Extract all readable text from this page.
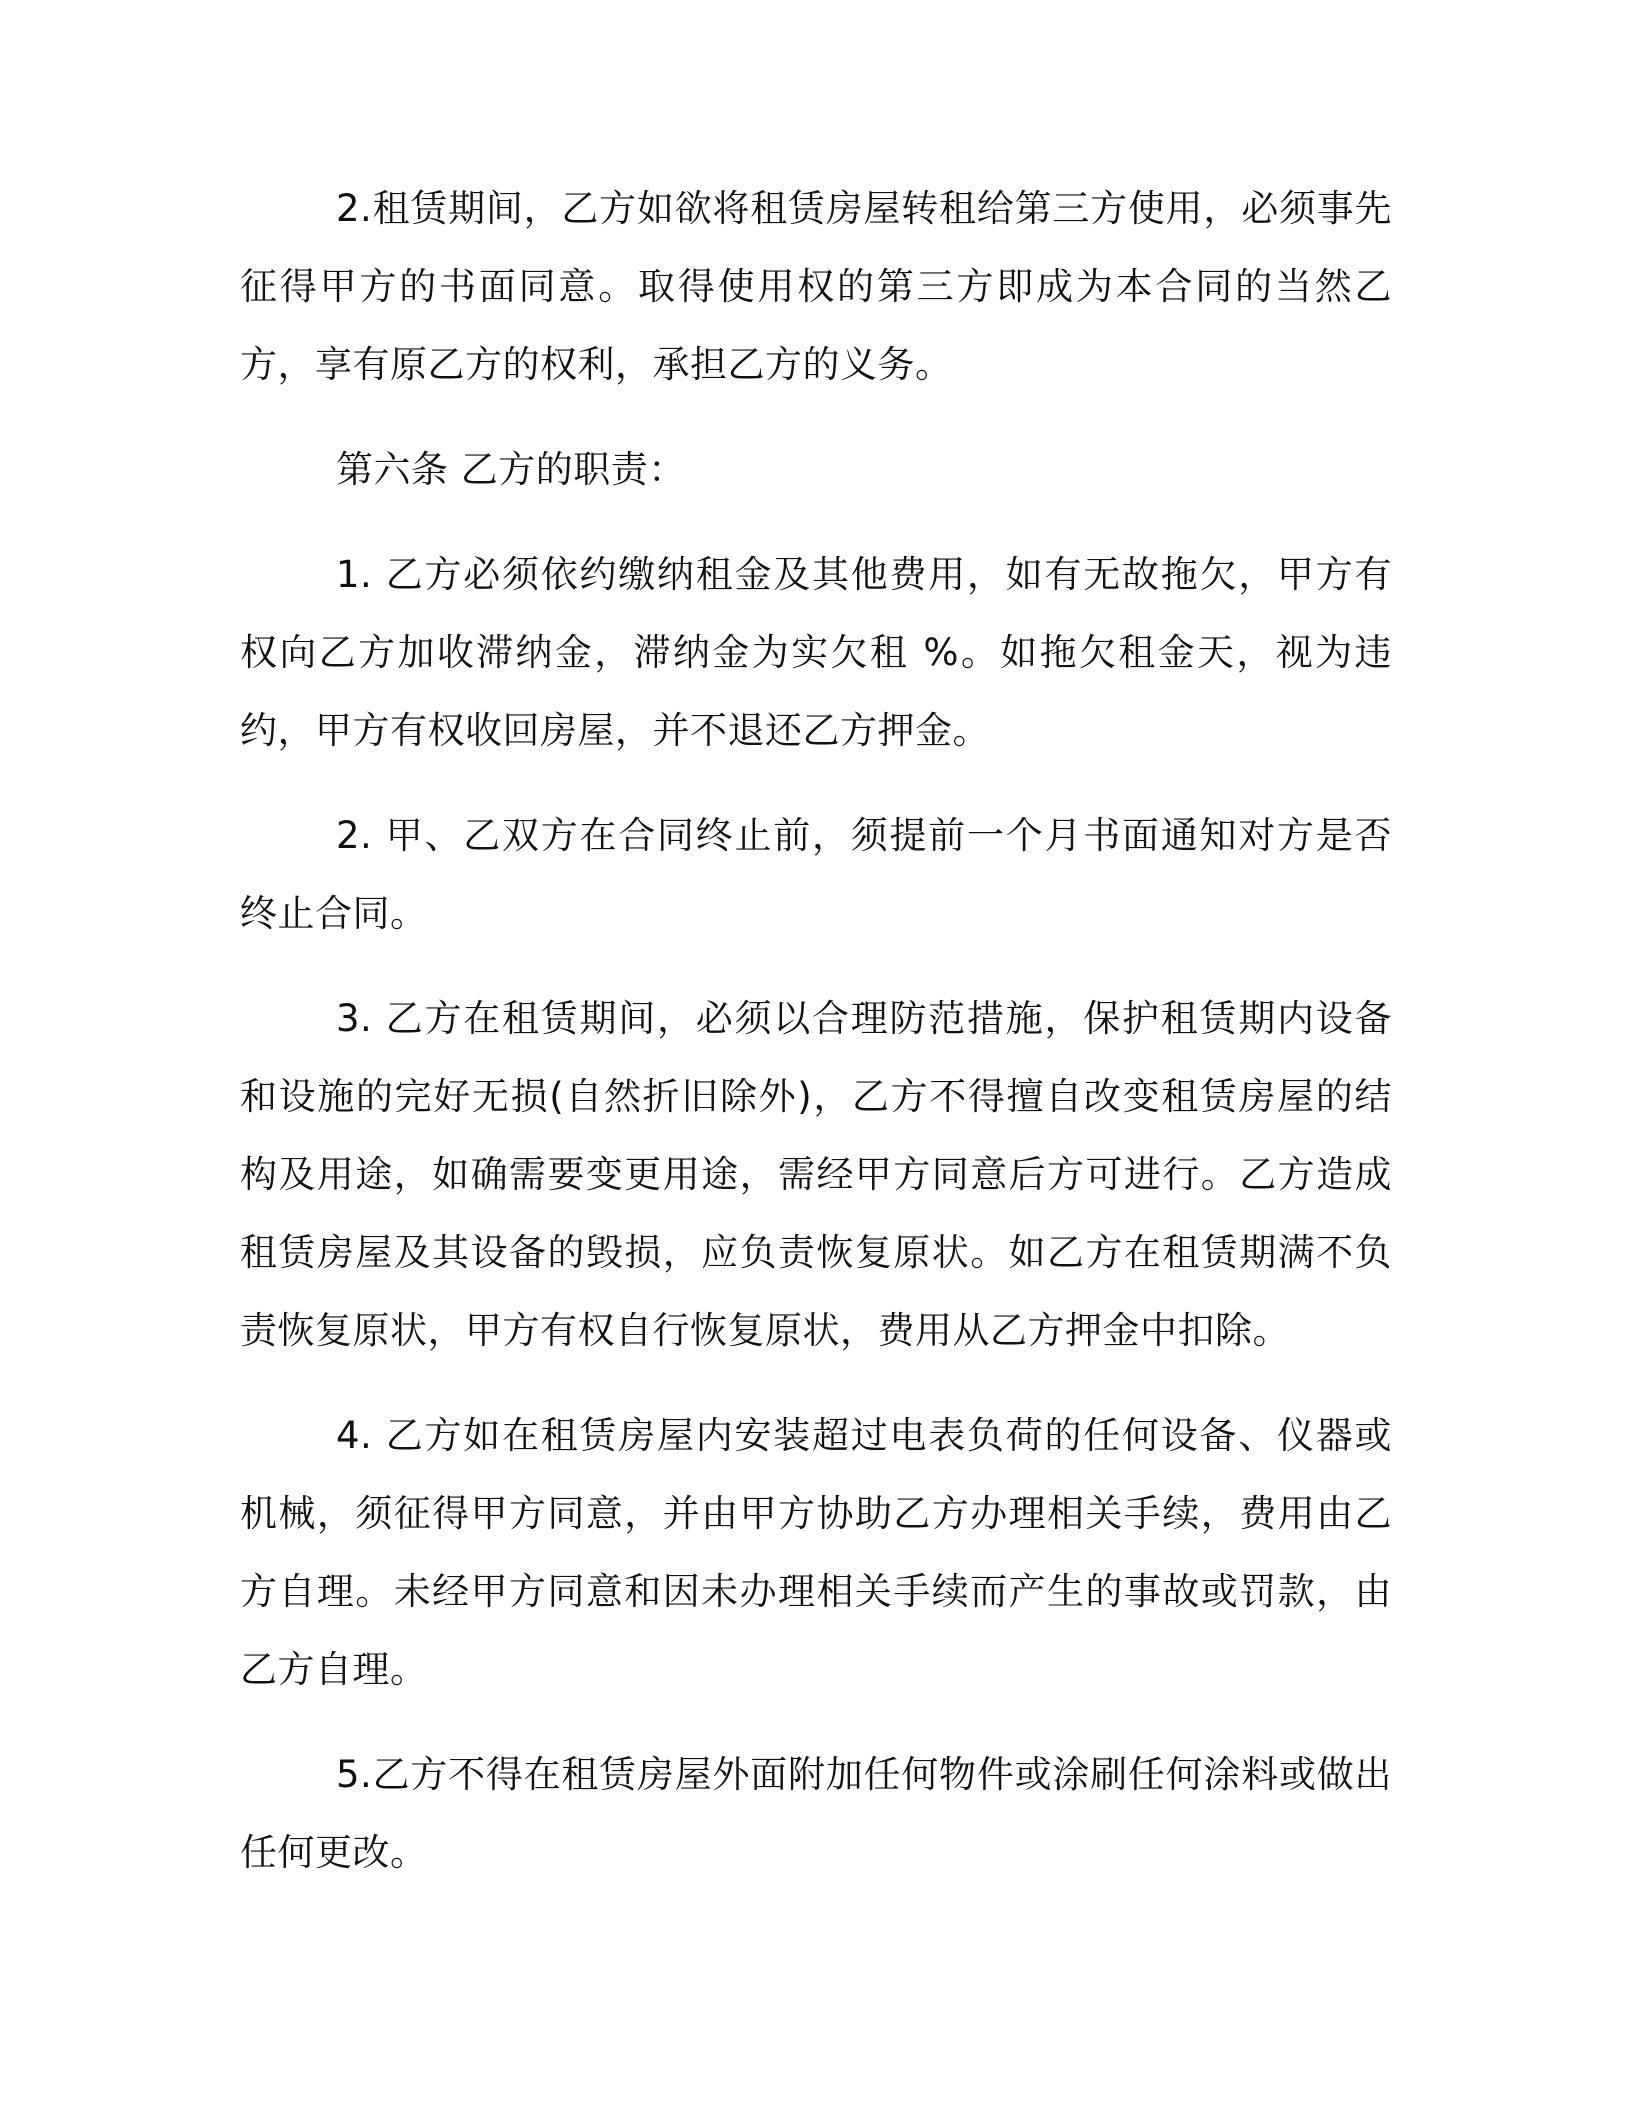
2.租赁期间，乙方如欲将租赁房屋转租给第三方使用，必须事先征得甲方的书面同意。取得使用权的第三方即成为本合同的当然乙方，享有原乙方的权利，承担乙方的义务。

第六条 乙方的职责：

1. 乙方必须依约缴纳租金及其他费用，如有无故拖欠，甲方有权向乙方加收滞纳金，滞纳金为实欠租 %。如拖欠租金天，视为违约，甲方有权收回房屋，并不退还乙方押金。

2. 甲、乙双方在合同终止前，须提前一个月书面通知对方是否终止合同。

3. 乙方在租赁期间，必须以合理防范措施，保护租赁期内设备和设施的完好无损(自然折旧除外)，乙方不得擅自改变租赁房屋的结构及用途，如确需要变更用途，需经甲方同意后方可进行。乙方造成租赁房屋及其设备的毁损，应负责恢复原状。如乙方在租赁期满不负责恢复原状，甲方有权自行恢复原状，费用从乙方押金中扣除。

4. 乙方如在租赁房屋内安装超过电表负荷的任何设备、仪器或机械，须征得甲方同意，并由甲方协助乙方办理相关手续，费用由乙方自理。未经甲方同意和因未办理相关手续而产生的事故或罚款，由乙方自理。

5.乙方不得在租赁房屋外面附加任何物件或涂刷任何涂料或做出任何更改。
